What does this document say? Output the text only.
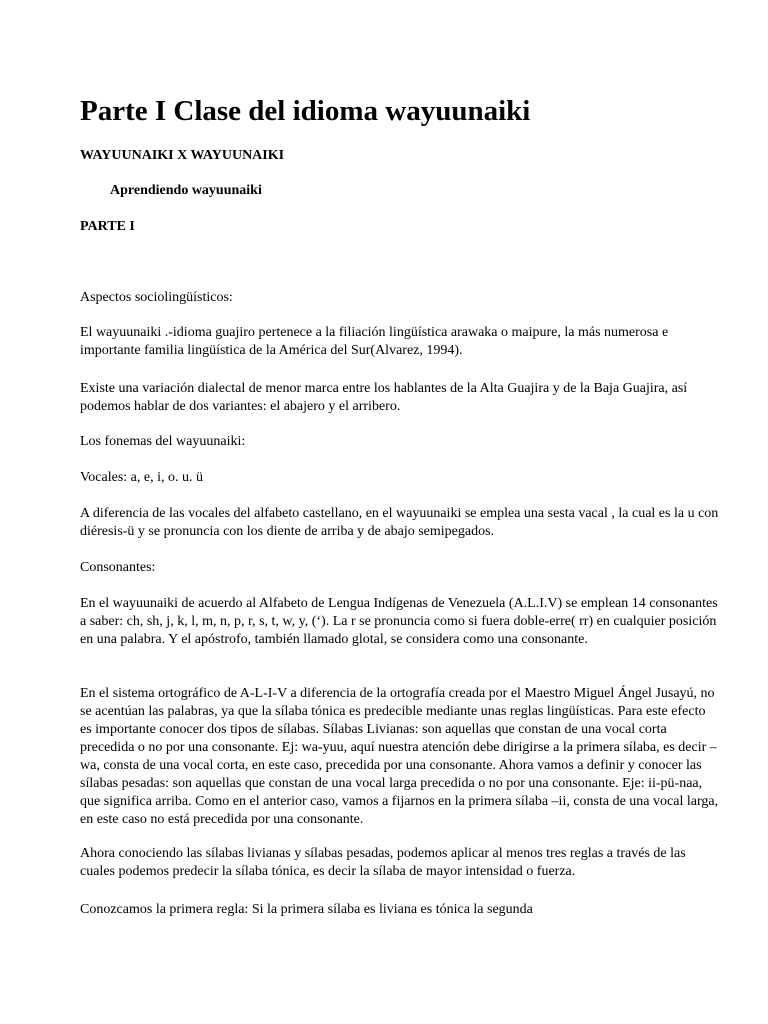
Parte I Clase del idioma wayuunaiki
WAYUUNAIKI X WAYUUNAIKI
Aprendiendo wayuunaiki
PARTE I

Aspectos sociolingüísticos:

El wayuunaiki .-idioma guajiro pertenece a la filiación lingüística arawaka o maipure, la más numerosa e importante familia lingüística de la América del Sur(Alvarez, 1994).

Existe una variación dialectal de menor marca entre los hablantes de la Alta Guajira y de la Baja Guajira, así podemos hablar de dos variantes: el abajero y el arribero.

Los fonemas del wayuunaiki:

Vocales: a, e, i, o. u. ü

A diferencia de las vocales del alfabeto castellano, en el wayuunaiki se emplea una sesta vacal , la cual es la u con diéresis-ü y se pronuncia con los diente de arriba y de abajo semipegados.

Consonantes:

En el wayuunaiki de acuerdo al Alfabeto de Lengua Indígenas de Venezuela (A.L.I.V) se emplean 14 consonantes a saber: ch, sh, j, k, l, m, n, p, r, s, t, w, y, (‘). La r se pronuncia como si fuera doble-erre( rr) en cualquier posición en una palabra. Y el apóstrofo, también llamado glotal, se considera como una consonante.

En el sistema ortográfico de A-L-I-V a diferencia de la ortografía creada por el Maestro Miguel Ángel Jusayú, no se acentúan las palabras, ya que la sílaba tónica es predecible mediante unas reglas lingüísticas. Para este efecto es importante conocer dos tipos de sílabas. Sílabas Livianas: son aquellas que constan de una vocal corta precedida o no por una consonante. Ej: wa-yuu, aquí nuestra atención debe dirigirse a la primera sílaba, es decir –wa, consta de una vocal corta, en este caso, precedida por una consonante. Ahora vamos a definir y conocer las sílabas pesadas: son aquellas que constan de una vocal larga precedida o no por una consonante. Eje: ii-pü-naa, que significa arriba. Como en el anterior caso, vamos a fijarnos en la primera sílaba –ii, consta de una vocal larga, en este caso no está precedida por una consonante.

Ahora conociendo las sílabas livianas y sílabas pesadas, podemos aplicar al menos tres reglas a través de las cuales podemos predecir la sílaba tónica, es decir la sílaba de mayor intensidad o fuerza.

Conozcamos la primera regla: Si la primera sílaba es liviana es tónica la segunda
